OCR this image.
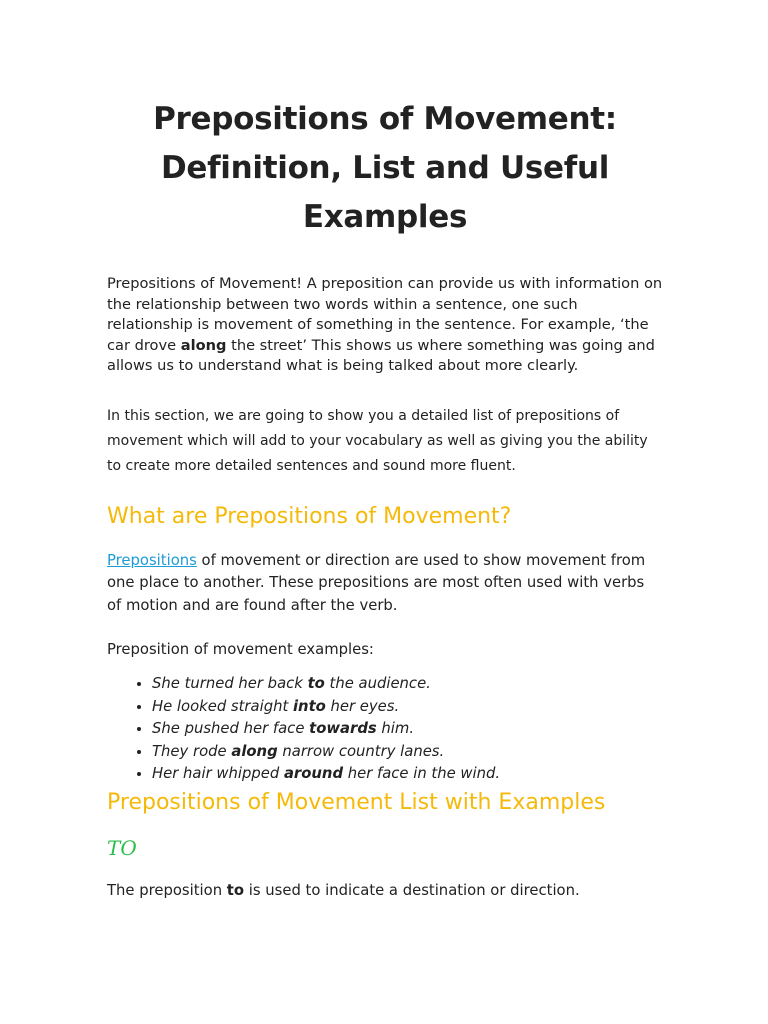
Prepositions of Movement:
Definition, List and Useful
Examples

Prepositions of Movement! A preposition can provide us with information on the relationship between two words within a sentence, one such relationship is movement of something in the sentence. For example, ‘the car drove along the street’ This shows us where something was going and allows us to understand what is being talked about more clearly.

In this section, we are going to show you a detailed list of prepositions of movement which will add to your vocabulary as well as giving you the ability to create more detailed sentences and sound more fluent.

What are Prepositions of Movement?

Prepositions of movement or direction are used to show movement from one place to another. These prepositions are most often used with verbs of motion and are found after the verb.

Preposition of movement examples:

• She turned her back to the audience.
• He looked straight into her eyes.
• She pushed her face towards him.
• They rode along narrow country lanes.
• Her hair whipped around her face in the wind.
Prepositions of Movement List with Examples
TO

The preposition to is used to indicate a destination or direction.
